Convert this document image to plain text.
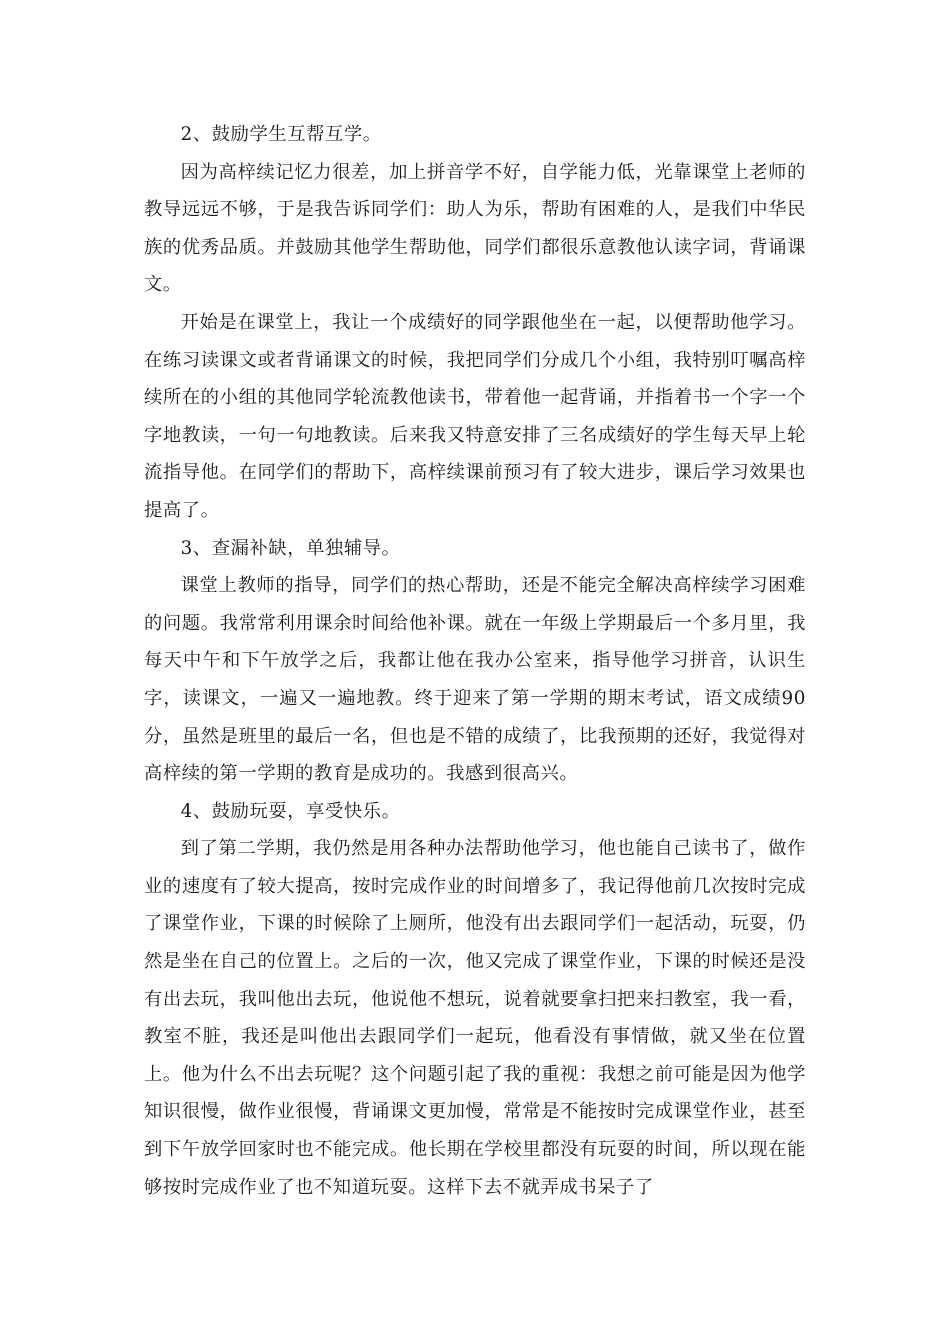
2、鼓励学生互帮互学。

因为高梓续记忆力很差，加上拼音学不好，自学能力低，光靠课堂上老师的教导远远不够，于是我告诉同学们：助人为乐，帮助有困难的人，是我们中华民族的优秀品质。并鼓励其他学生帮助他，同学们都很乐意教他认读字词，背诵课文。

开始是在课堂上，我让一个成绩好的同学跟他坐在一起，以便帮助他学习。在练习读课文或者背诵课文的时候，我把同学们分成几个小组，我特别叮嘱高梓续所在的小组的其他同学轮流教他读书，带着他一起背诵，并指着书一个字一个字地教读，一句一句地教读。后来我又特意安排了三名成绩好的学生每天早上轮流指导他。在同学们的帮助下，高梓续课前预习有了较大进步，课后学习效果也提高了。

3、查漏补缺，单独辅导。

课堂上教师的指导，同学们的热心帮助，还是不能完全解决高梓续学习困难的问题。我常常利用课余时间给他补课。就在一年级上学期最后一个多月里，我每天中午和下午放学之后，我都让他在我办公室来，指导他学习拼音，认识生字，读课文，一遍又一遍地教。终于迎来了第一学期的期末考试，语文成绩90分，虽然是班里的最后一名，但也是不错的成绩了，比我预期的还好，我觉得对高梓续的第一学期的教育是成功的。我感到很高兴。

4、鼓励玩耍，享受快乐。

到了第二学期，我仍然是用各种办法帮助他学习，他也能自己读书了，做作业的速度有了较大提高，按时完成作业的时间增多了，我记得他前几次按时完成了课堂作业，下课的时候除了上厕所，他没有出去跟同学们一起活动，玩耍，仍然是坐在自己的位置上。之后的一次，他又完成了课堂作业，下课的时候还是没有出去玩，我叫他出去玩，他说他不想玩，说着就要拿扫把来扫教室，我一看，教室不脏，我还是叫他出去跟同学们一起玩，他看没有事情做，就又坐在位置上。他为什么不出去玩呢？这个问题引起了我的重视：我想之前可能是因为他学知识很慢，做作业很慢，背诵课文更加慢，常常是不能按时完成课堂作业，甚至到下午放学回家时也不能完成。他长期在学校里都没有玩耍的时间，所以现在能够按时完成作业了也不知道玩耍。这样下去不就弄成书呆子了
